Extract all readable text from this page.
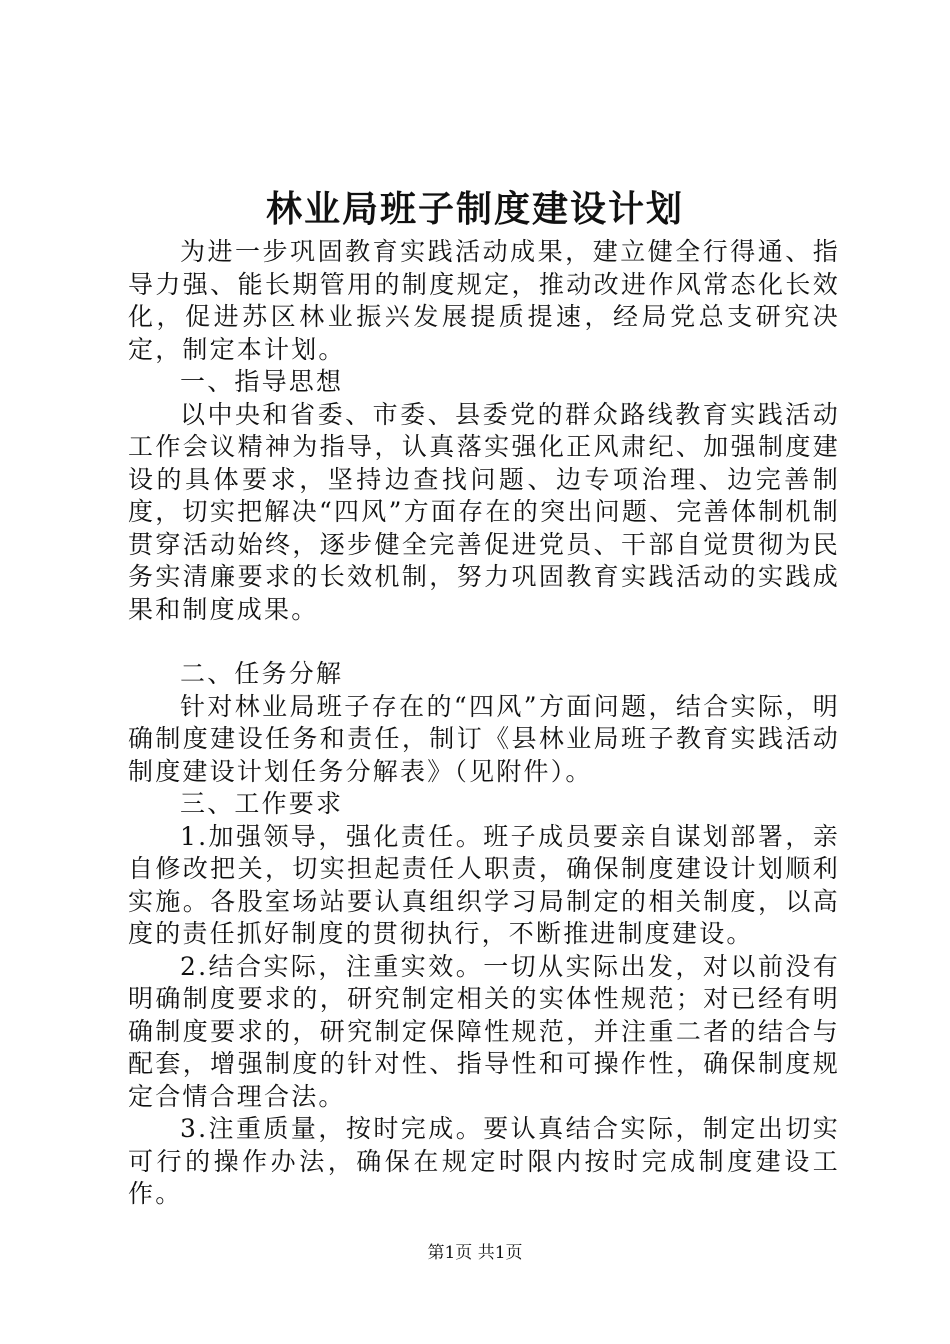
林业局班子制度建设计划

为进一步巩固教育实践活动成果，建立健全行得通、指导力强、能长期管用的制度规定，推动改进作风常态化长效化，促进苏区林业振兴发展提质提速，经局党总支研究决定，制定本计划。

一、指导思想

以中央和省委、市委、县委党的群众路线教育实践活动工作会议精神为指导，认真落实强化正风肃纪、加强制度建设的具体要求，坚持边查找问题、边专项治理、边完善制度，切实把解决“四风”方面存在的突出问题、完善体制机制贯穿活动始终，逐步健全完善促进党员、干部自觉贯彻为民务实清廉要求的长效机制，努力巩固教育实践活动的实践成果和制度成果。

二、任务分解

针对林业局班子存在的“四风”方面问题，结合实际，明确制度建设任务和责任，制订《县林业局班子教育实践活动制度建设计划任务分解表》（见附件）。

三、工作要求

1.加强领导，强化责任。班子成员要亲自谋划部署，亲自修改把关，切实担起责任人职责，确保制度建设计划顺利实施。各股室场站要认真组织学习局制定的相关制度，以高度的责任抓好制度的贯彻执行，不断推进制度建设。

2.结合实际，注重实效。一切从实际出发，对以前没有明确制度要求的，研究制定相关的实体性规范；对已经有明确制度要求的，研究制定保障性规范，并注重二者的结合与配套，增强制度的针对性、指导性和可操作性，确保制度规定合情合理合法。

3.注重质量，按时完成。要认真结合实际，制定出切实可行的操作办法，确保在规定时限内按时完成制度建设工作。

第1页 共1页
